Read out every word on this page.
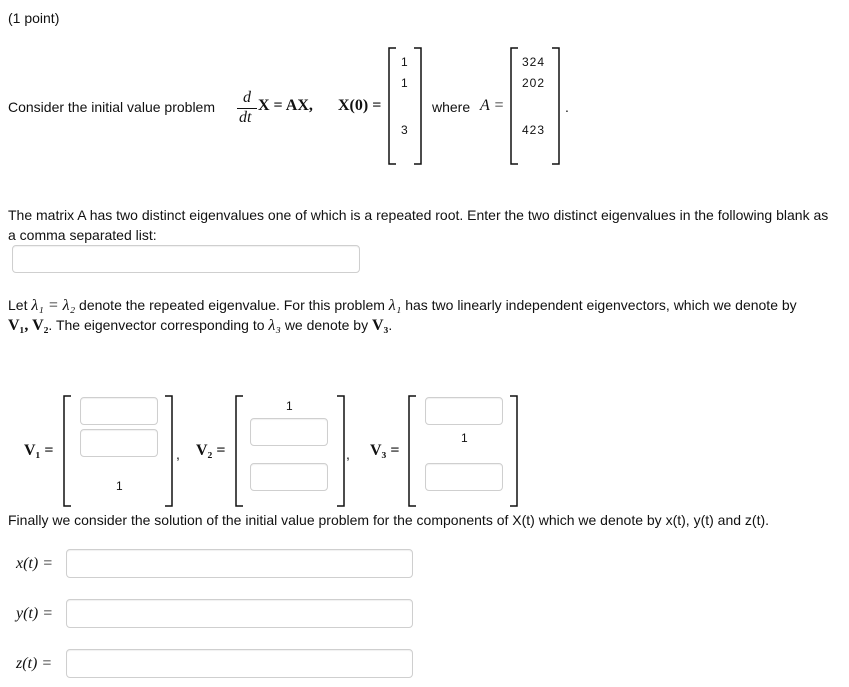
(1 point)
Consider the initial value problem
d
dt
X = AX, X(0) =
1
1
3
where A =
324
202
423
.
The matrix A has two distinct eigenvalues one of which is a repeated root. Enter the two distinct eigenvalues in the following blank as
a comma separated list:
Let λ₁ = λ₂ denote the repeated eigenvalue. For this problem λ₁ has two linearly independent eigenvectors, which we denote by
V₁, V₂. The eigenvector corresponding to λ₃ we denote by V₃.
V₁ =
1
, V₂ =
1
, V₃ =
1
Finally we consider the solution of the initial value problem for the components of X(t) which we denote by x(t), y(t) and z(t).
x(t) =
y(t) =
z(t) =
